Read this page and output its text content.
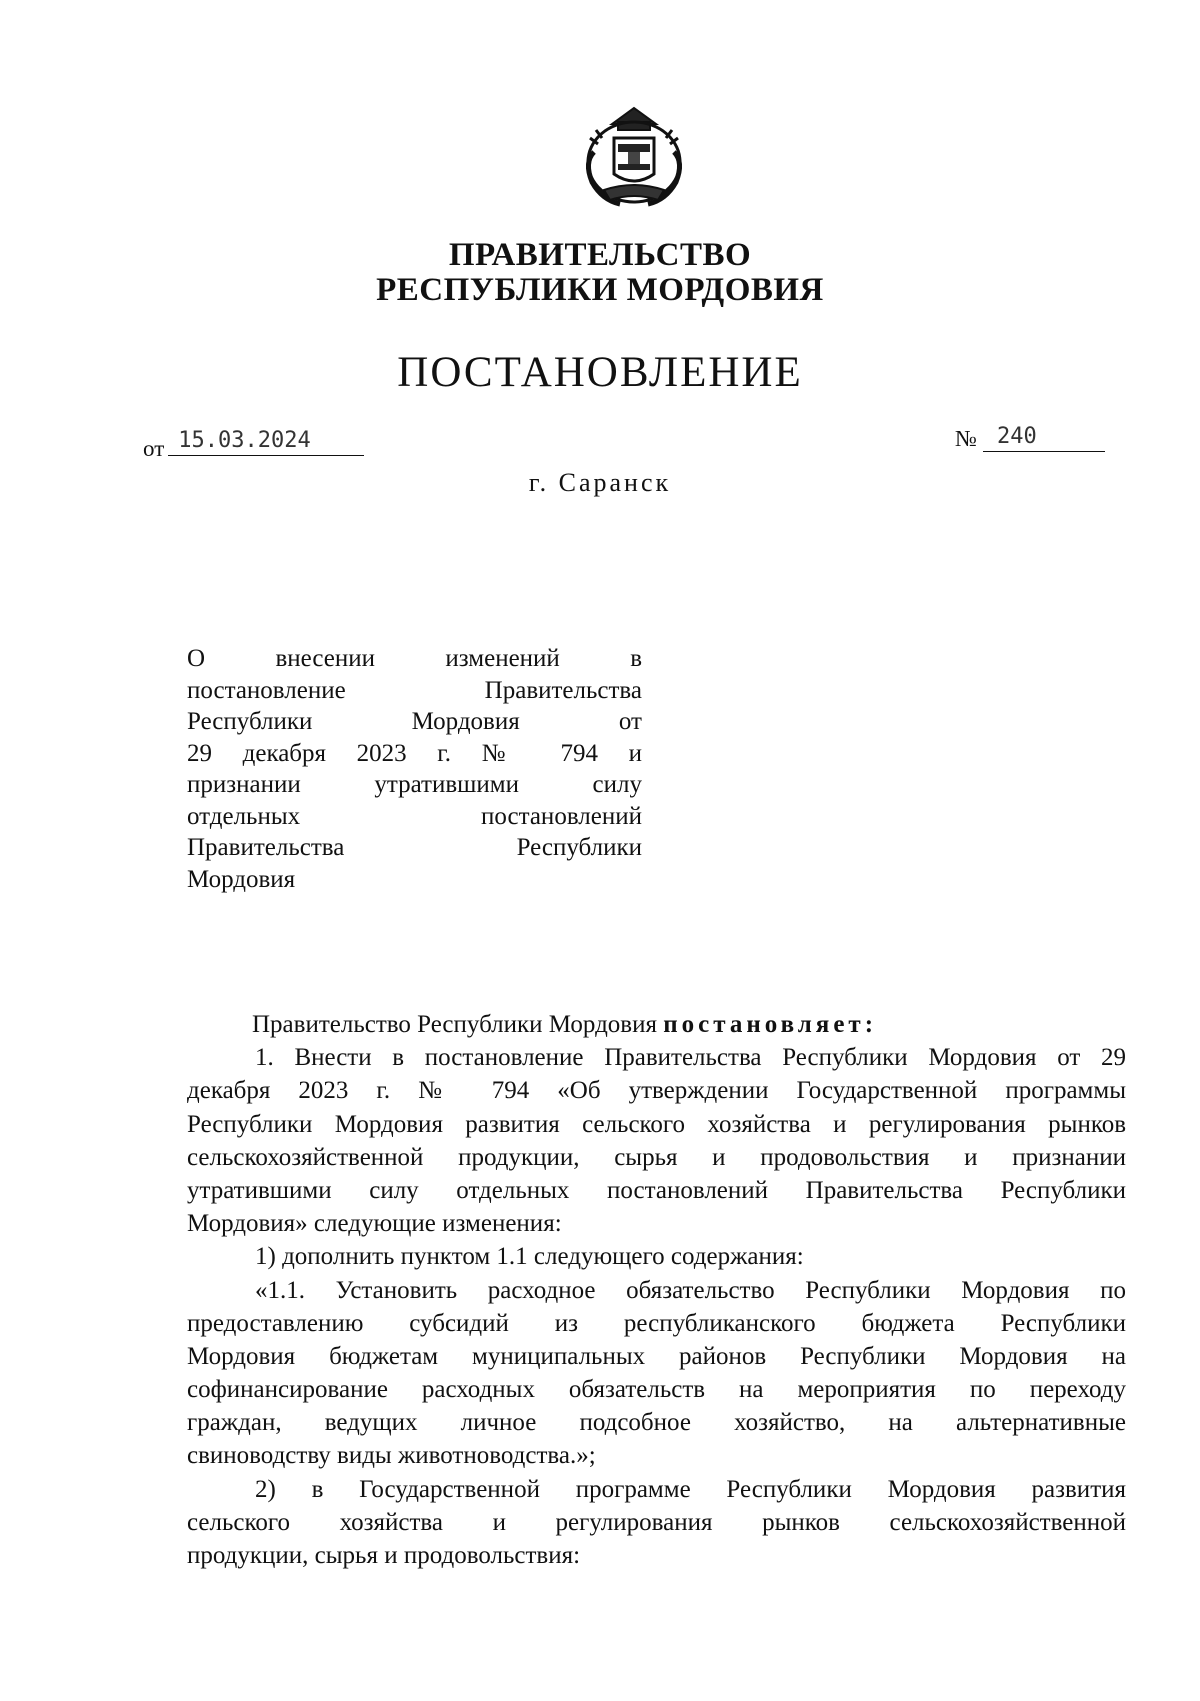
ПРАВИТЕЛЬСТВО
РЕСПУБЛИКИ МОРДОВИЯ
ПОСТАНОВЛЕНИЕ
от 15.03.2024	№ 240
г. Саранск
О внесении изменений в
постановление Правительства
Республики Мордовия от
29 декабря 2023 г. № 794 и
признании утратившими силу
отдельных постановлений
Правительства Республики
Мордовия
Правительство Республики Мордовия постановляет:
1. Внести в постановление Правительства Республики Мордовия от 29
декабря 2023 г. № 794 «Об утверждении Государственной программы
Республики Мордовия развития сельского хозяйства и регулирования рынков
сельскохозяйственной продукции, сырья и продовольствия и признании
утратившими силу отдельных постановлений Правительства Республики
Мордовия» следующие изменения:
1) дополнить пунктом 1.1 следующего содержания:
«1.1. Установить расходное обязательство Республики Мордовия по
предоставлению субсидий из республиканского бюджета Республики
Мордовия бюджетам муниципальных районов Республики Мордовия на
софинансирование расходных обязательств на мероприятия по переходу
граждан, ведущих личное подсобное хозяйство, на альтернативные
свиноводству виды животноводства.»;
2) в Государственной программе Республики Мордовия развития
сельского хозяйства и регулирования рынков сельскохозяйственной
продукции, сырья и продовольствия:
